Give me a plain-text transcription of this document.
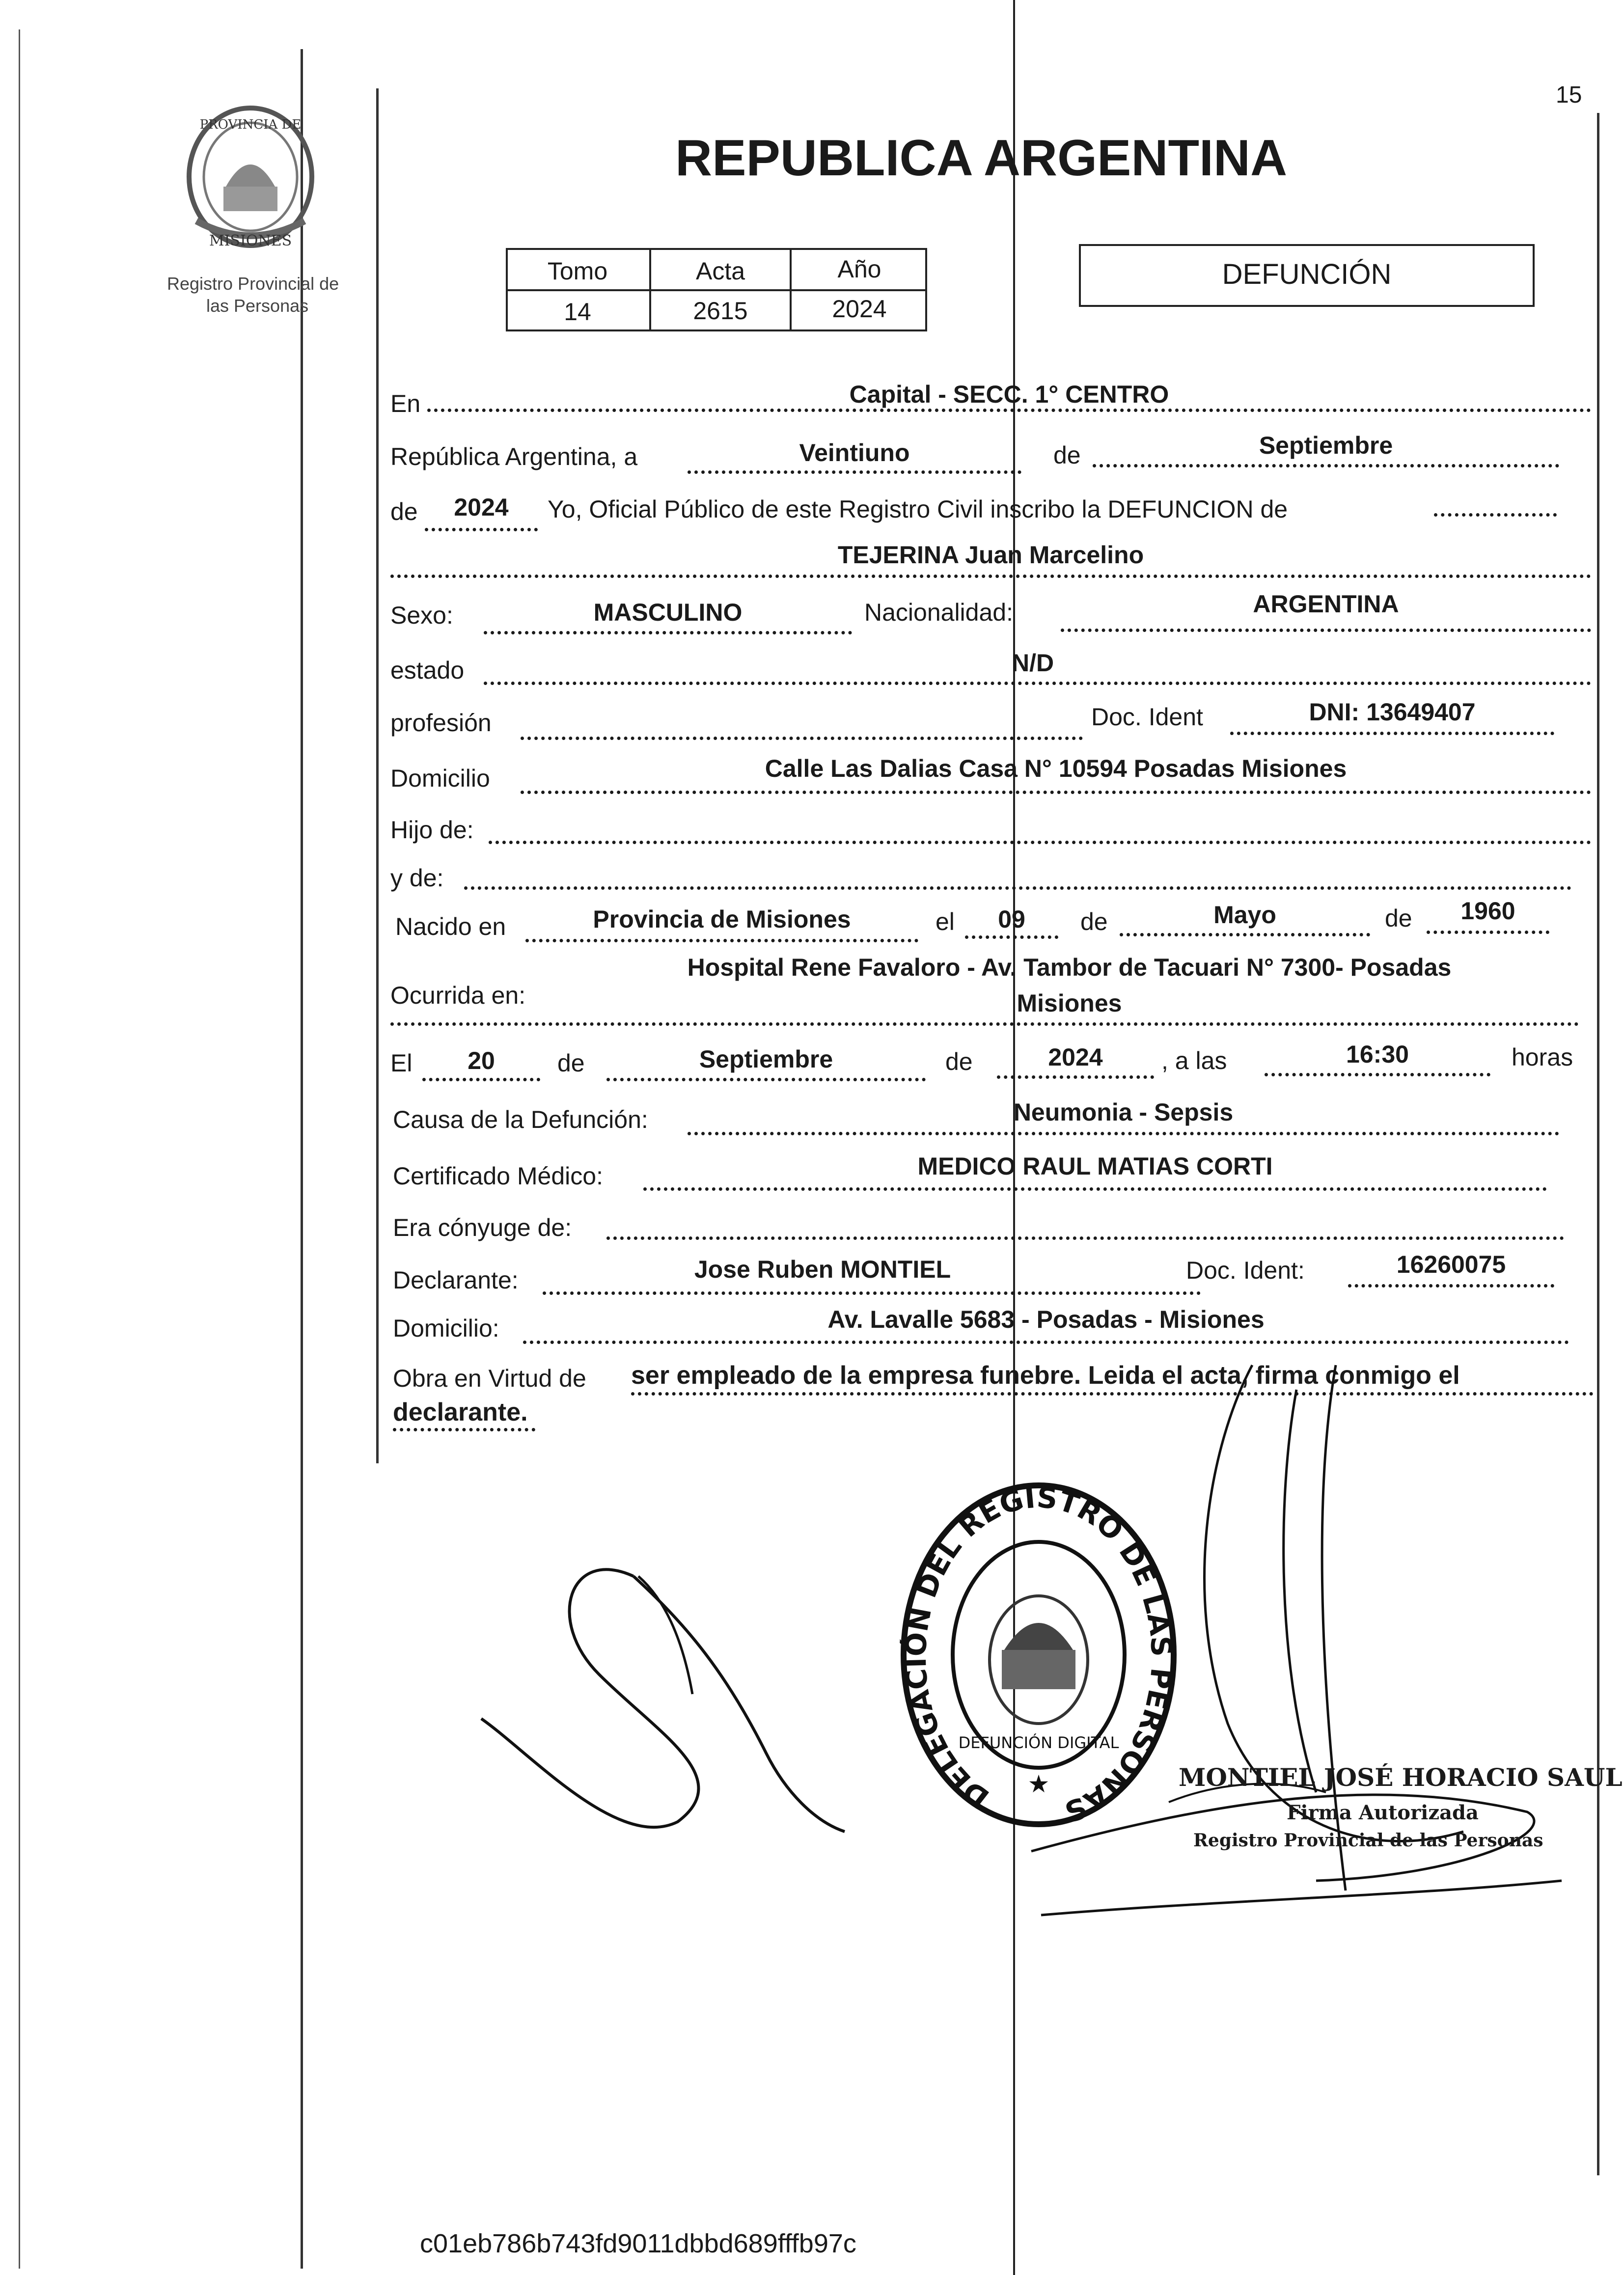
15
PROVINCIA DE
MISIONES
Registro Provincial de
las Personas
REPUBLICA ARGENTINA
Tomo	Acta	Año
14	2615	2024
DEFUNCIÓN
En	Capital - SECC. 1° CENTRO
República Argentina, a	Veintiuno	de	Septiembre
de	2024	Yo, Oficial Público de este Registro Civil inscribo la DEFUNCION de
TEJERINA Juan Marcelino
Sexo:	MASCULINO	Nacionalidad:	ARGENTINA
estado	N/D
profesión	Doc. Ident	DNI: 13649407
Domicilio	Calle Las Dalias Casa N° 10594 Posadas Misiones
Hijo de:
y de:
Nacido en	Provincia de Misiones	el	09	de	Mayo	de	1960
Ocurrida en:
Hospital Rene Favaloro - Av. Tambor de Tacuari N° 7300- Posadas
Misiones
El	20	de	Septiembre	de	2024	, a las	16:30	horas
Causa de la Defunción:	Neumonia - Sepsis
Certificado Médico:	MEDICO RAUL MATIAS CORTI
Era cónyuge de:
Declarante:	Jose Ruben MONTIEL	Doc. Ident:	16260075
Domicilio:	Av. Lavalle 5683 - Posadas - Misiones
Obra en Virtud de ser empleado de la empresa funebre. Leida el acta, firma conmigo el
declarante.
DELEGACIÓN DEL REGISTRO DE LAS PERSONAS
DEFUNCIÓN DIGITAL
★	MONTIEL JOSÉ HORACIO SAUL
Firma Autorizada
Registro Provincial de las Personas
c01eb786b743fd9011dbbd689fffb97c
